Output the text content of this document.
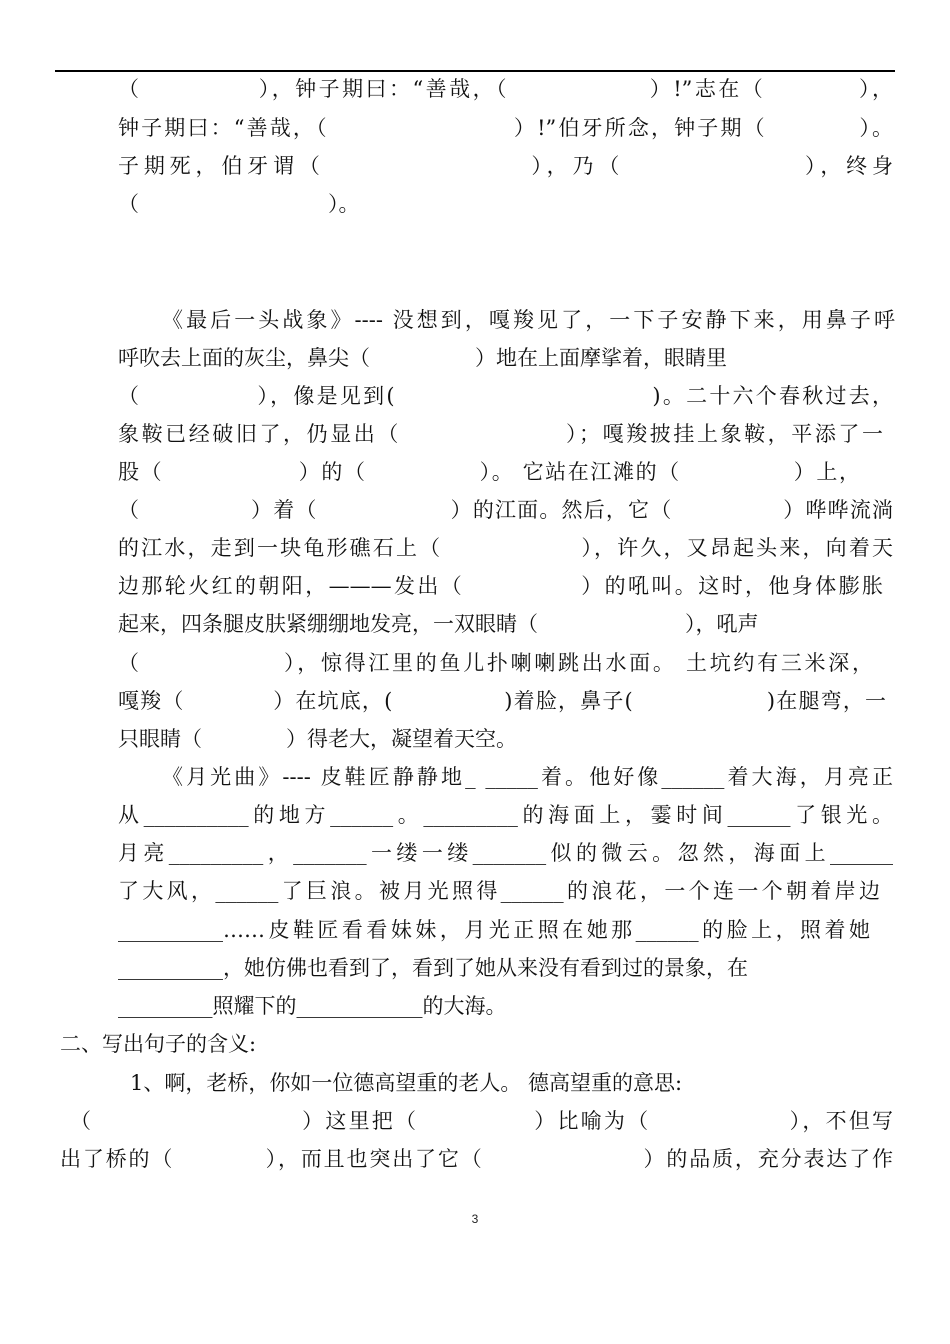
（　　　　　），钟子期曰：“善哉，（　　　　　　）!”志在（　　　　），
钟子期曰：“善哉，（　　　　　　　　）!”伯牙所念，钟子期（　　　　）。
子期死，伯牙谓（　　　　　　　　），乃（　　　　　　　），终身
（　　　　　　　　　）。
《最后一头战象》---- 没想到，嘎羧见了，一下子安静下来，用鼻子呼
呼吹去上面的灰尘，鼻尖（　　　　　）地在上面摩挲着，眼睛里
（　　　　　），像是见到(　　　　　　　　　　　)。二十六个春秋过去，
象鞍已经破旧了，仍显出（　　　　　　　）；嘎羧披挂上象鞍，平添了一
股（　　　　　　）的（　　　　　）。 它站在江滩的（　　　　　）上，
（　　　　　）着（　　　　　　）的江面。然后，它（　　　　　）哗哗流淌
的江水，走到一块龟形礁石上（　　　　　　），许久，又昂起头来，向着天
边那轮火红的朝阳，———发出（　　　　　）的吼叫。这时，他身体膨胀
起来，四条腿皮肤紧绷绷地发亮，一双眼睛（　　　　　　　），吼声
（　　　　　　），惊得江里的鱼儿扑喇喇跳出水面。 土坑约有三米深，
嘎羧（　　　　）在坑底，(　　　　　)着脸，鼻子(　　　　　　)在腿弯，一
只眼睛（　　　　）得老大，凝望着天空。
《月光曲》---- 皮鞋匠静静地_ _____着。他好像______着大海，月亮正
从__________的地方______。_________的海面上，霎时间______了银光。
月亮_________，_______一缕一缕_______似的微云。忽然，海面上______
了大风，______了巨浪。被月光照得______的浪花，一个连一个朝着岸边
__________……皮鞋匠看看妹妹，月光正照在她那______的脸上，照着她
__________，她仿佛也看到了，看到了她从来没有看到过的景象，在
_________照耀下的____________的大海。
二、写出句子的含义:
1、啊，老桥，你如一位德高望重的老人。 德高望重的意思:
（　　　　　　　　　）这里把（　　　　　）比喻为（　　　　　　），不但写
出了桥的（　　　　），而且也突出了它（　　　　　　　）的品质，充分表达了作
3
